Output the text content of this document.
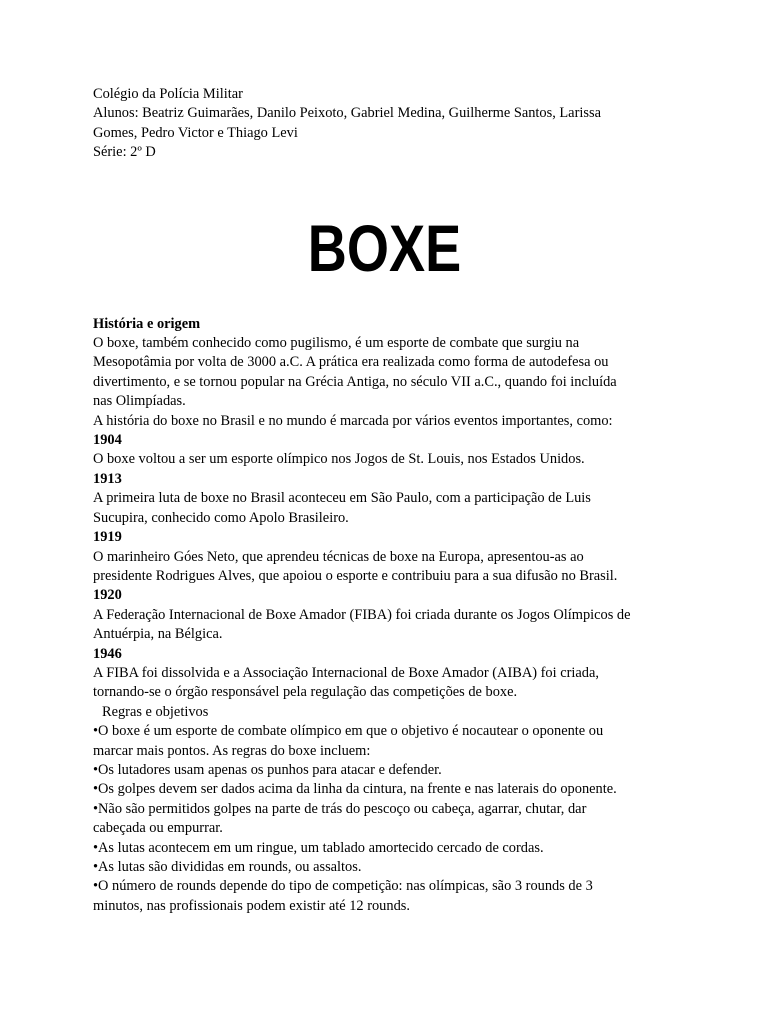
Colégio da Polícia Militar
Alunos: Beatriz Guimarães, Danilo Peixoto, Gabriel Medina, Guilherme Santos, Larissa
Gomes, Pedro Victor e Thiago Levi
Série: 2º D
BOXE
História e origem
O boxe, também conhecido como pugilismo, é um esporte de combate que surgiu na
Mesopotâmia por volta de 3000 a.C. A prática era realizada como forma de autodefesa ou
divertimento, e se tornou popular na Grécia Antiga, no século VII a.C., quando foi incluída
nas Olimpíadas.
A história do boxe no Brasil e no mundo é marcada por vários eventos importantes, como:
1904
O boxe voltou a ser um esporte olímpico nos Jogos de St. Louis, nos Estados Unidos.
1913
A primeira luta de boxe no Brasil aconteceu em São Paulo, com a participação de Luis
Sucupira, conhecido como Apolo Brasileiro.
1919
O marinheiro Góes Neto, que aprendeu técnicas de boxe na Europa, apresentou-as ao
presidente Rodrigues Alves, que apoiou o esporte e contribuiu para a sua difusão no Brasil.
1920
A Federação Internacional de Boxe Amador (FIBA) foi criada durante os Jogos Olímpicos de
Antuérpia, na Bélgica.
1946
A FIBA foi dissolvida e a Associação Internacional de Boxe Amador (AIBA) foi criada,
tornando-se o órgão responsável pela regulação das competições de boxe.
Regras e objetivos
•O boxe é um esporte de combate olímpico em que o objetivo é nocautear o oponente ou
marcar mais pontos. As regras do boxe incluem:
•Os lutadores usam apenas os punhos para atacar e defender.
•Os golpes devem ser dados acima da linha da cintura, na frente e nas laterais do oponente.
•Não são permitidos golpes na parte de trás do pescoço ou cabeça, agarrar, chutar, dar
cabeçada ou empurrar.
•As lutas acontecem em um ringue, um tablado amortecido cercado de cordas.
•As lutas são divididas em rounds, ou assaltos.
•O número de rounds depende do tipo de competição: nas olímpicas, são 3 rounds de 3
minutos, nas profissionais podem existir até 12 rounds.
